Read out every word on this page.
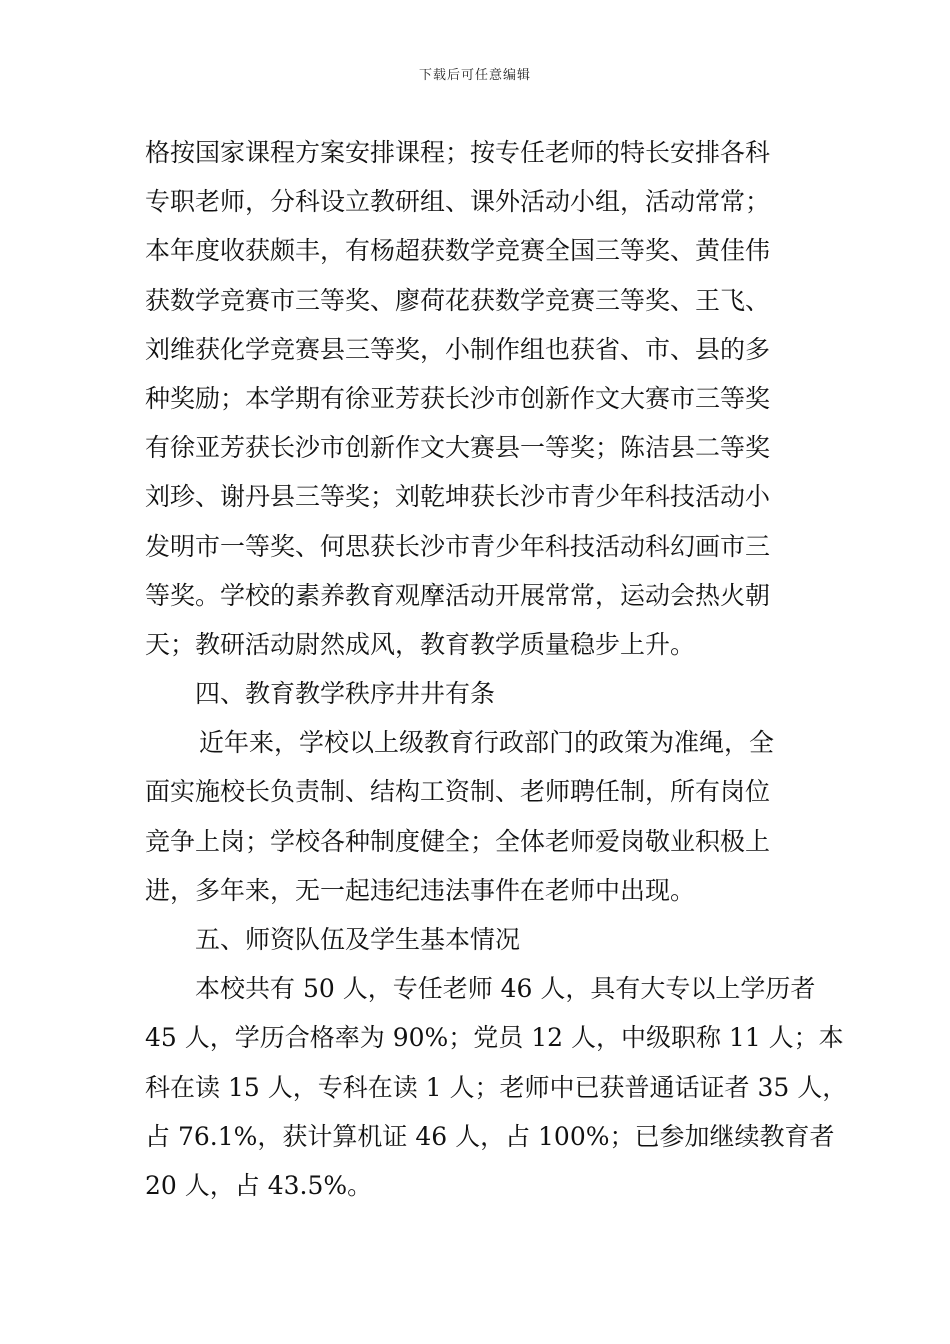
下载后可任意编辑
格按国家课程方案安排课程；按专任老师的特长安排各科
专职老师，分科设立教研组、课外活动小组，活动常常；
本年度收获颇丰，有杨超获数学竞赛全国三等奖、黄佳伟
获数学竞赛市三等奖、廖荷花获数学竞赛三等奖、王飞、
刘维获化学竞赛县三等奖，小制作组也获省、市、县的多
种奖励；本学期有徐亚芳获长沙市创新作文大赛市三等奖
有徐亚芳获长沙市创新作文大赛县一等奖；陈洁县二等奖
刘珍、谢丹县三等奖；刘乾坤获长沙市青少年科技活动小
发明市一等奖、何思获长沙市青少年科技活动科幻画市三
等奖。学校的素养教育观摩活动开展常常，运动会热火朝
天；教研活动尉然成风，教育教学质量稳步上升。
四、教育教学秩序井井有条
近年来，学校以上级教育行政部门的政策为准绳，全
面实施校长负责制、结构工资制、老师聘任制，所有岗位
竞争上岗；学校各种制度健全；全体老师爱岗敬业积极上
进，多年来，无一起违纪违法事件在老师中出现。
五、师资队伍及学生基本情况
本校共有 50 人，专任老师 46 人，具有大专以上学历者
45 人，学历合格率为 90%；党员 12 人，中级职称 11 人；本
科在读 15 人，专科在读 1 人；老师中已获普通话证者 35 人，
占 76.1%，获计算机证 46 人，占 100%；已参加继续教育者
20 人，占 43.5%。
